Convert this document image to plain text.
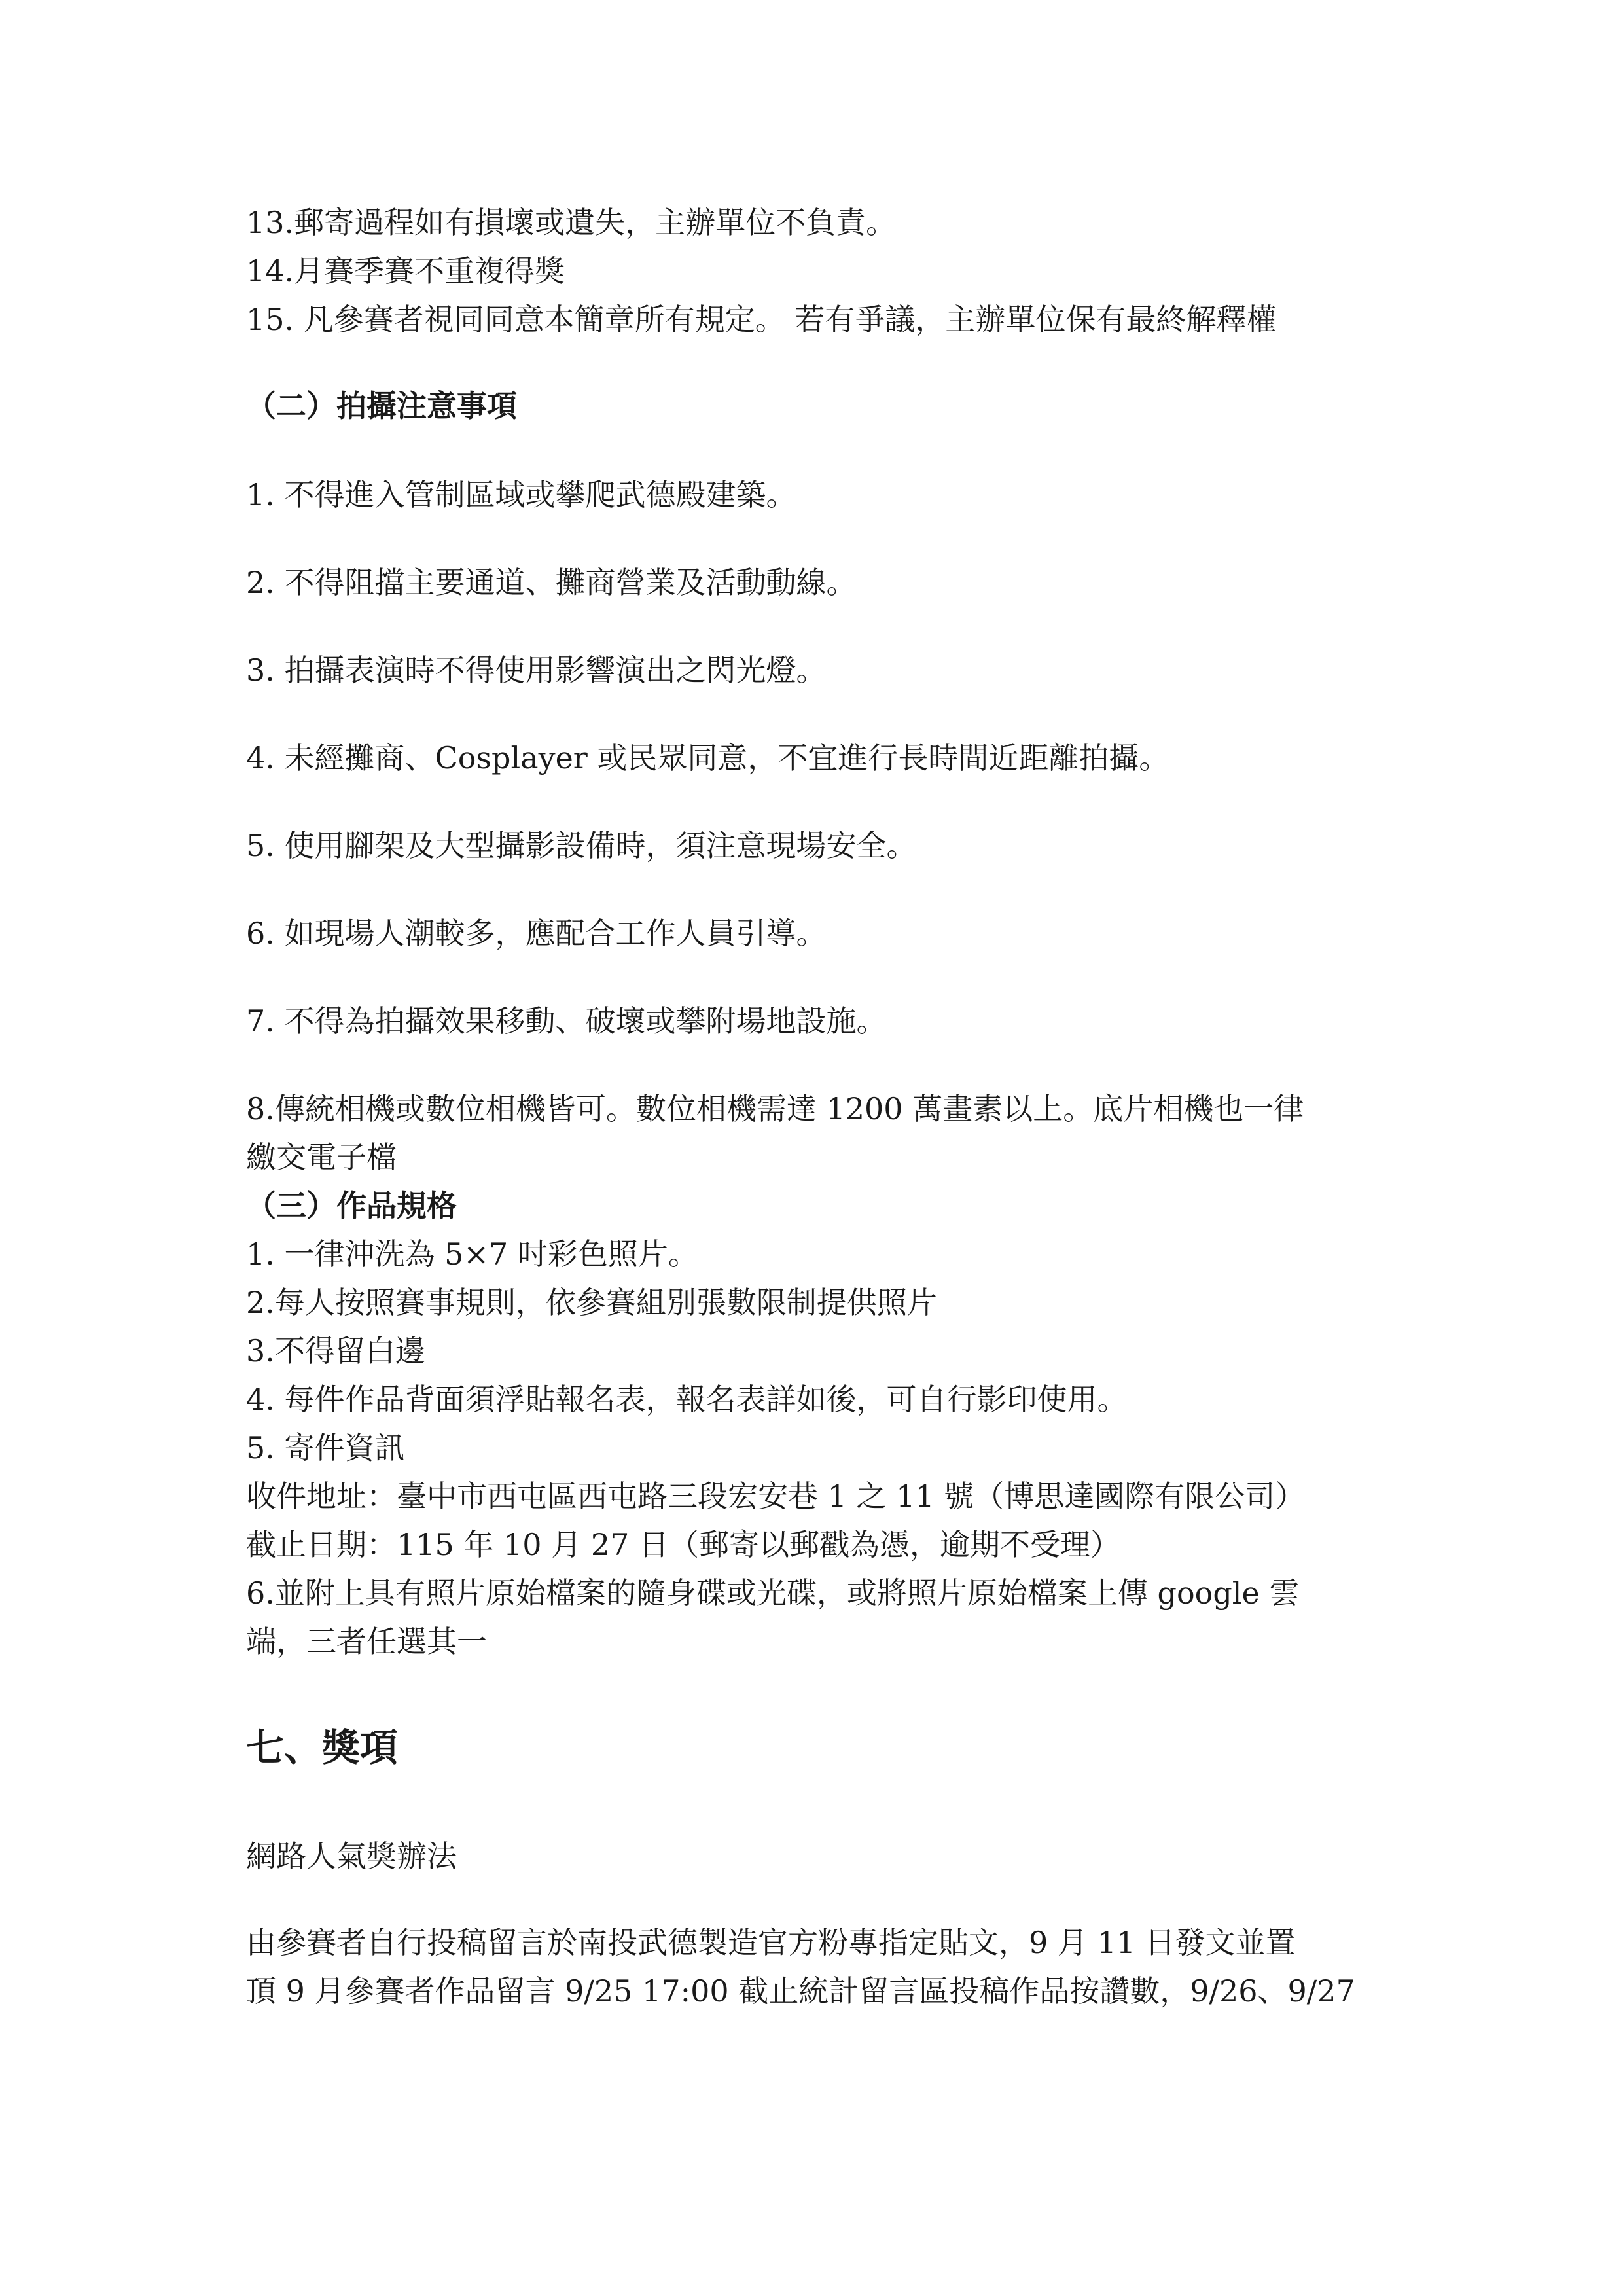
13.郵寄過程如有損壞或遺失，主辦單位不負責。
14.月賽季賽不重複得獎
15. 凡參賽者視同同意本簡章所有規定。 若有爭議，主辦單位保有最終解釋權
（二）拍攝注意事項
1. 不得進入管制區域或攀爬武德殿建築。
2. 不得阻擋主要通道、攤商營業及活動動線。
3. 拍攝表演時不得使用影響演出之閃光燈。
4. 未經攤商、Cosplayer 或民眾同意，不宜進行長時間近距離拍攝。
5. 使用腳架及大型攝影設備時，須注意現場安全。
6. 如現場人潮較多，應配合工作人員引導。
7. 不得為拍攝效果移動、破壞或攀附場地設施。
8.傳統相機或數位相機皆可。數位相機需達 1200 萬畫素以上。底片相機也一律
繳交電子檔
（三）作品規格
1. 一律沖洗為 5×7 吋彩色照片。
2.每人按照賽事規則，依參賽組別張數限制提供照片
3.不得留白邊
4. 每件作品背面須浮貼報名表，報名表詳如後，可自行影印使用。
5. 寄件資訊
收件地址：臺中市西屯區西屯路三段宏安巷 1 之 11 號（博思達國際有限公司）
截止日期：115 年 10 月 27 日（郵寄以郵戳為憑，逾期不受理）
6.並附上具有照片原始檔案的隨身碟或光碟，或將照片原始檔案上傳 google 雲
端，三者任選其一
七、獎項
網路人氣獎辦法
由參賽者自行投稿留言於南投武德製造官方粉專指定貼文，9 月 11 日發文並置
頂 9 月參賽者作品留言 9/25 17:00 截止統計留言區投稿作品按讚數，9/26、9/27
